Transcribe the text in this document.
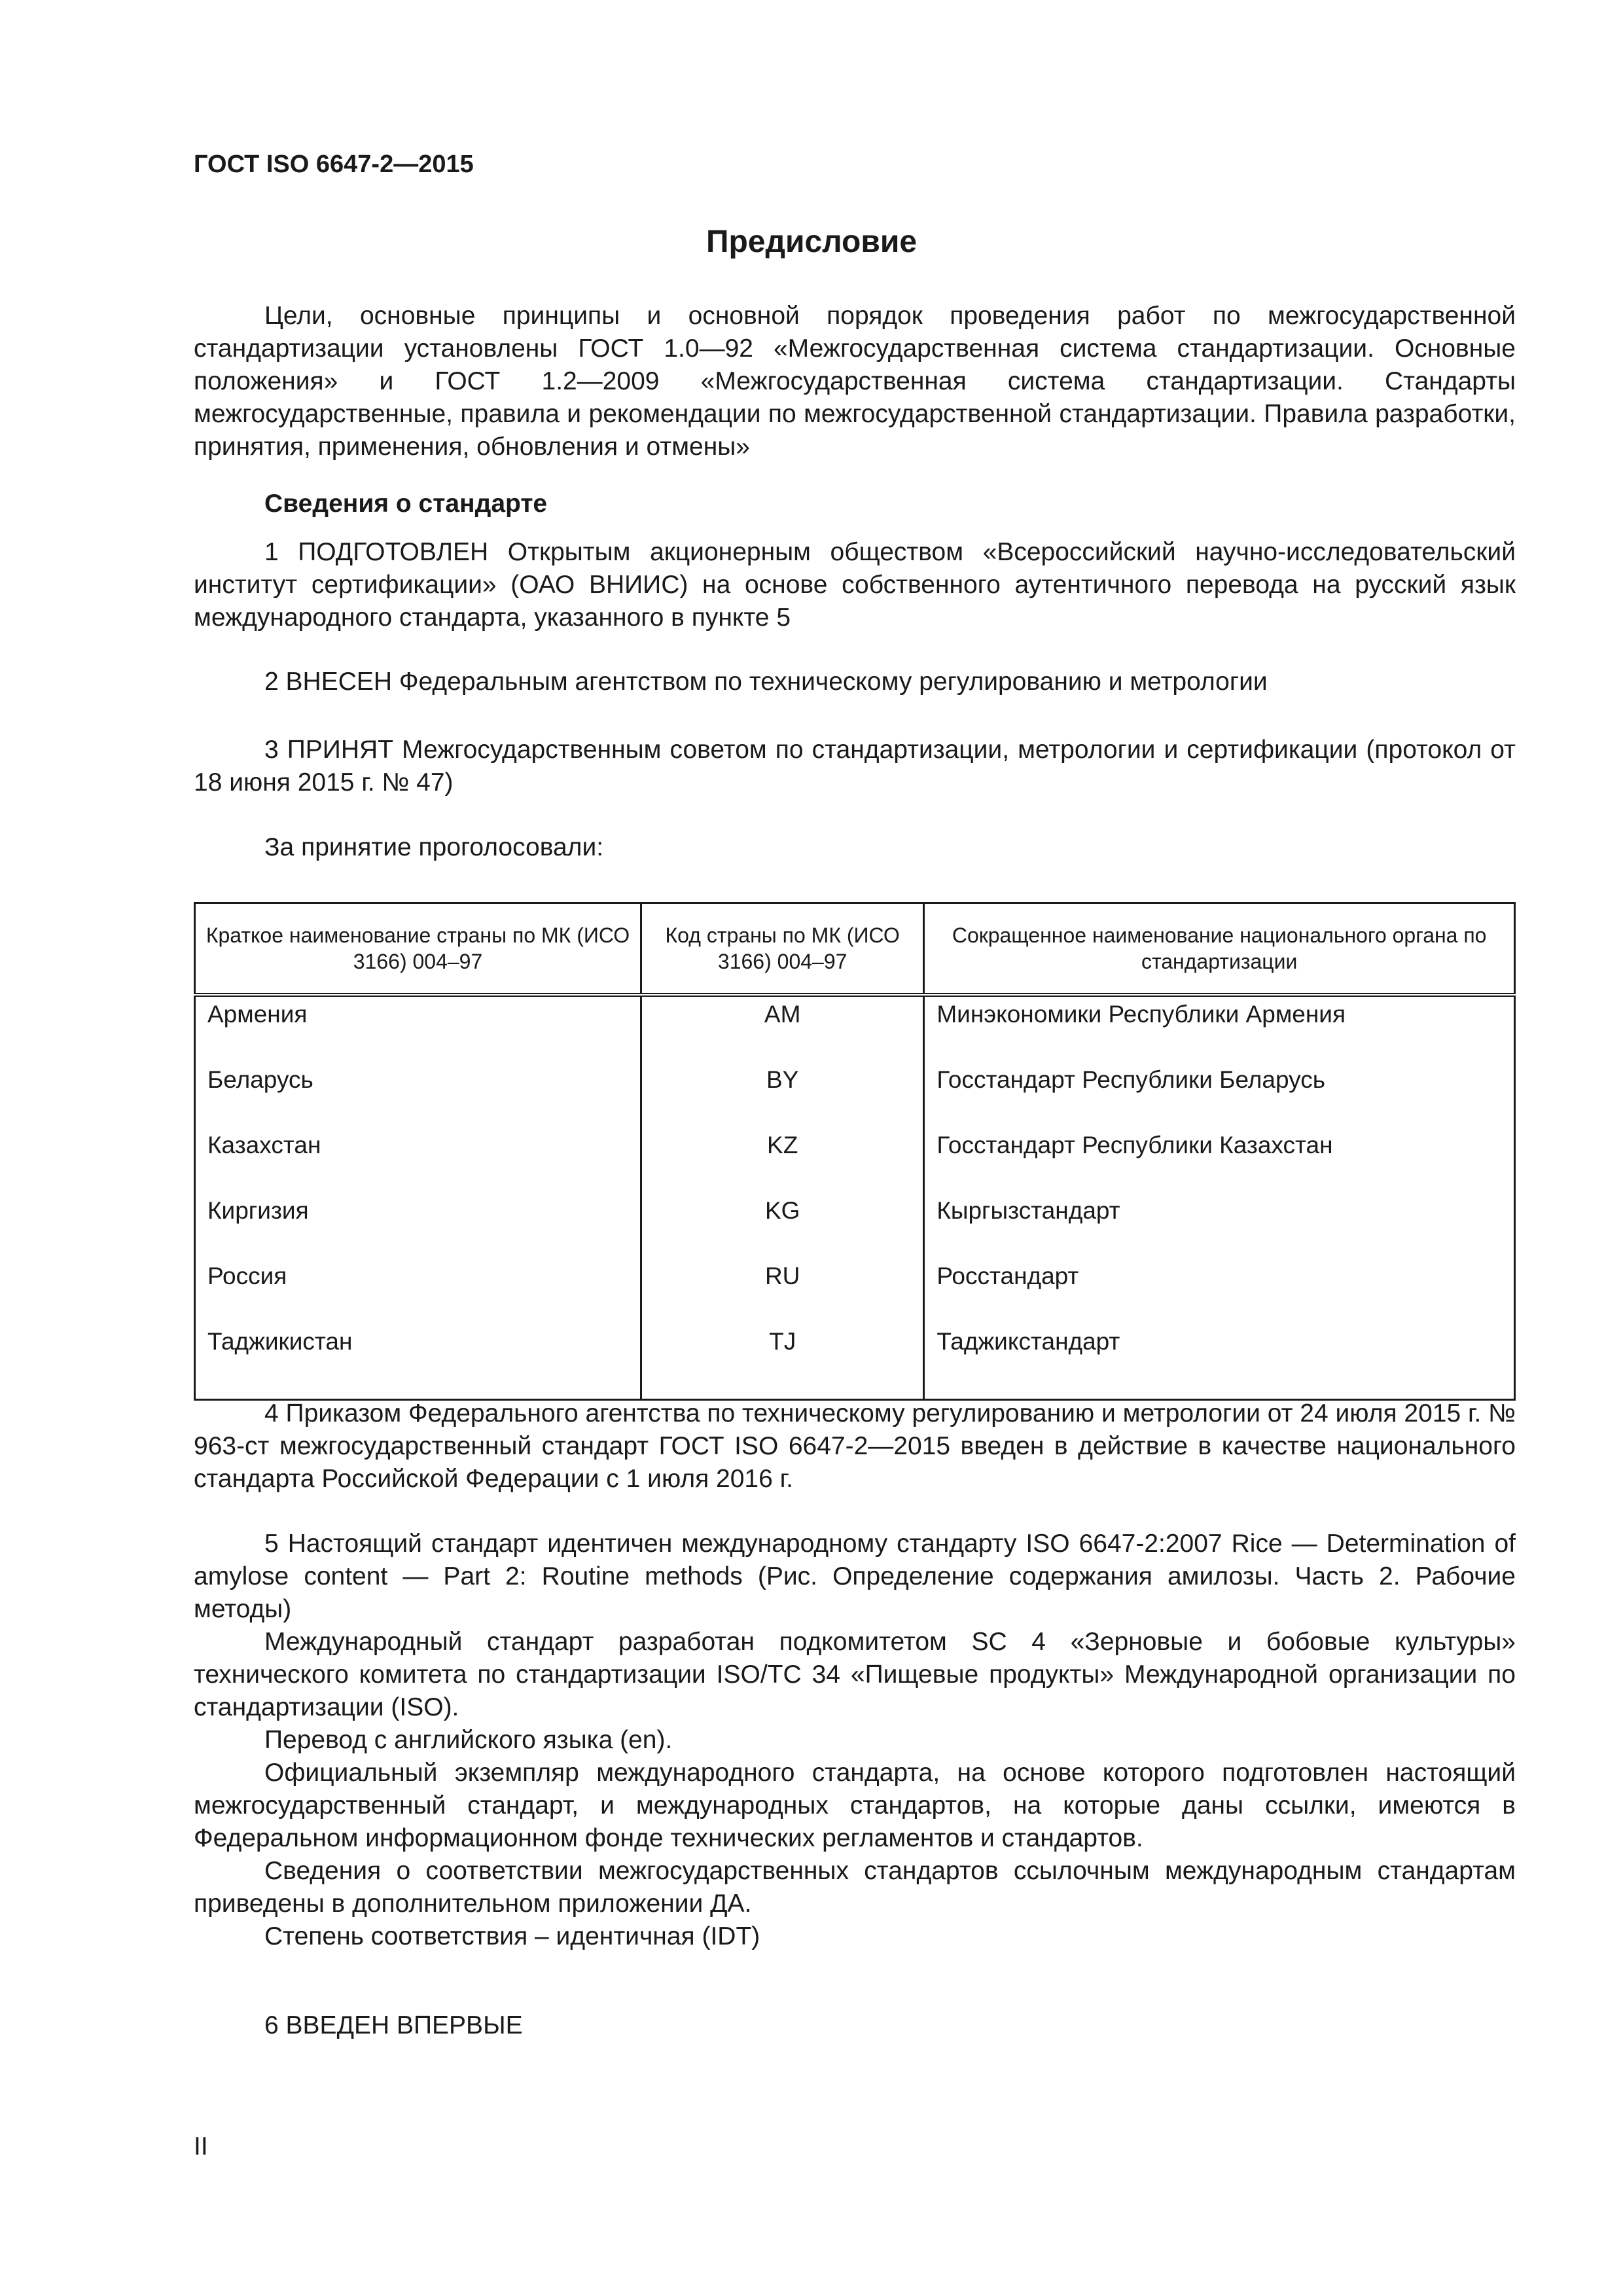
ГОСТ ISO 6647-2—2015
Предисловие

Цели, основные принципы и основной порядок проведения работ по межгосударственной стандартизации установлены ГОСТ 1.0—92 «Межгосударственная система стандартизации. Основные положения» и ГОСТ 1.2—2009 «Межгосударственная система стандартизации. Стандарты межгосударственные, правила и рекомендации по межгосударственной стандартизации. Правила разработки, принятия, применения, обновления и отмены»

Сведения о стандарте

1 ПОДГОТОВЛЕН Открытым акционерным обществом «Всероссийский научно-исследовательский институт сертификации» (ОАО ВНИИС) на основе собственного аутентичного перевода на русский язык международного стандарта, указанного в пункте 5

2 ВНЕСЕН Федеральным агентством по техническому регулированию и метрологии

3 ПРИНЯТ Межгосударственным советом по стандартизации, метрологии и сертификации (протокол от 18 июня 2015 г. № 47)

За принятие проголосовали:

Краткое наименование страны по МК (ИСО 3166) 004–97	Код страны по МК (ИСО 3166) 004–97	Сокращенное наименование национального органа по стандартизации
Армения	AM	Минэкономики Республики Армения
Беларусь	BY	Госстандарт Республики Беларусь
Казахстан	KZ	Госстандарт Республики Казахстан
Киргизия	KG	Кыргызстандарт
Россия	RU	Росстандарт
Таджикистан	TJ	Таджикстандарт

4 Приказом Федерального агентства по техническому регулированию и метрологии от 24 июля 2015 г. № 963-ст межгосударственный стандарт ГОСТ ISO 6647-2—2015 введен в действие в качестве национального стандарта Российской Федерации с 1 июля 2016 г.

5 Настоящий стандарт идентичен международному стандарту ISO 6647-2:2007 Rice — Determination of amylose content — Part 2: Routine methods (Рис. Определение содержания амилозы. Часть 2. Рабочие методы)

Международный стандарт разработан подкомитетом SC 4 «Зерновые и бобовые культуры» технического комитета по стандартизации ISO/TC 34 «Пищевые продукты» Международной организации по стандартизации (ISO).

Перевод с английского языка (en).

Официальный экземпляр международного стандарта, на основе которого подготовлен настоящий межгосударственный стандарт, и международных стандартов, на которые даны ссылки, имеются в Федеральном информационном фонде технических регламентов и стандартов.

Сведения о соответствии межгосударственных стандартов ссылочным международным стандартам приведены в дополнительном приложении ДА.

Степень соответствия – идентичная (IDT)

6 ВВЕДЕН ВПЕРВЫЕ

II
